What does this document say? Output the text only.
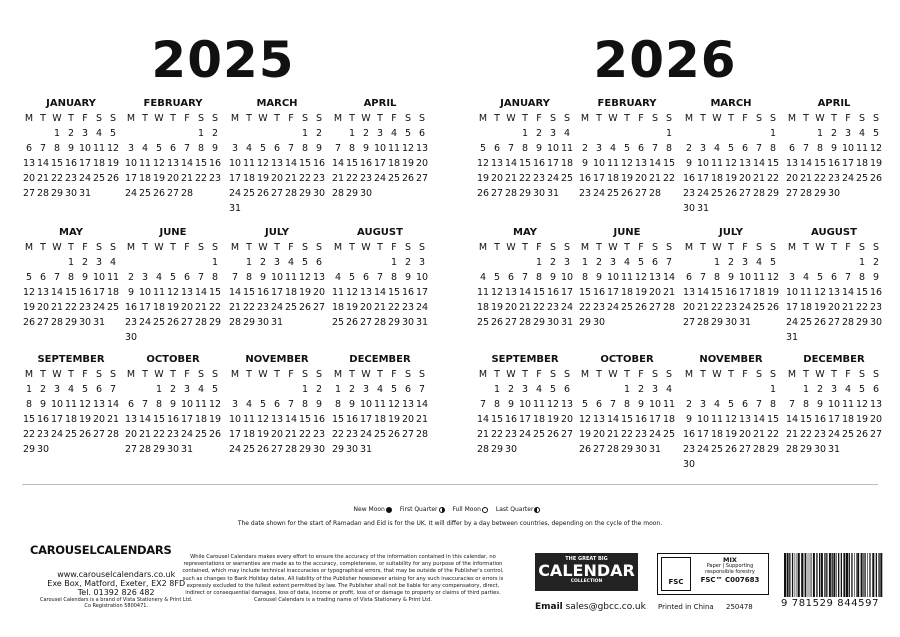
2025	2026
JANUARY
M T W T F S S
1 2 3 4 5
6 7 8 9 10 11 12
13 14 15 16 17 18 19
20 21 22 23 24 25 26
27 28 29 30 31
FEBRUARY
M T W T F S S
1 2
3 4 5 6 7 8 9
10 11 12 13 14 15 16
17 18 19 20 21 22 23
24 25 26 27 28
MARCH
M T W T F S S
1 2
3 4 5 6 7 8 9
10 11 12 13 14 15 16
17 18 19 20 21 22 23
24 25 26 27 28 29 30
31
APRIL
M T W T F S S
1 2 3 4 5 6
7 8 9 10 11 12 13
14 15 16 17 18 19 20
21 22 23 24 25 26 27
28 29 30
MAY
M T W T F S S
1 2 3 4
5 6 7 8 9 10 11
12 13 14 15 16 17 18
19 20 21 22 23 24 25
26 27 28 29 30 31
JUNE
M T W T F S S
1
2 3 4 5 6 7 8
9 10 11 12 13 14 15
16 17 18 19 20 21 22
23 24 25 26 27 28 29
30
JULY
M T W T F S S
1 2 3 4 5 6
7 8 9 10 11 12 13
14 15 16 17 18 19 20
21 22 23 24 25 26 27
28 29 30 31
AUGUST
M T W T F S S
1 2 3
4 5 6 7 8 9 10
11 12 13 14 15 16 17
18 19 20 21 22 23 24
25 26 27 28 29 30 31
SEPTEMBER
M T W T F S S
1 2 3 4 5 6 7
8 9 10 11 12 13 14
15 16 17 18 19 20 21
22 23 24 25 26 27 28
29 30
OCTOBER
M T W T F S S
1 2 3 4 5
6 7 8 9 10 11 12
13 14 15 16 17 18 19
20 21 22 23 24 25 26
27 28 29 30 31
NOVEMBER
M T W T F S S
1 2
3 4 5 6 7 8 9
10 11 12 13 14 15 16
17 18 19 20 21 22 23
24 25 26 27 28 29 30
DECEMBER
M T W T F S S
1 2 3 4 5 6 7
8 9 10 11 12 13 14
15 16 17 18 19 20 21
22 23 24 25 26 27 28
29 30 31
JANUARY
M T W T F S S
1 2 3 4
5 6 7 8 9 10 11
12 13 14 15 16 17 18
19 20 21 22 23 24 25
26 27 28 29 30 31
FEBRUARY
M T W T F S S
1
2 3 4 5 6 7 8
9 10 11 12 13 14 15
16 17 18 19 20 21 22
23 24 25 26 27 28
MARCH
M T W T F S S
1
2 3 4 5 6 7 8
9 10 11 12 13 14 15
16 17 18 19 20 21 22
23 24 25 26 27 28 29
30 31
APRIL
M T W T F S S
1 2 3 4 5
6 7 8 9 10 11 12
13 14 15 16 17 18 19
20 21 22 23 24 25 26
27 28 29 30
MAY
M T W T F S S
1 2 3
4 5 6 7 8 9 10
11 12 13 14 15 16 17
18 19 20 21 22 23 24
25 26 27 28 29 30 31
JUNE
M T W T F S S
1 2 3 4 5 6 7
8 9 10 11 12 13 14
15 16 17 18 19 20 21
22 23 24 25 26 27 28
29 30
JULY
M T W T F S S
1 2 3 4 5
6 7 8 9 10 11 12
13 14 15 16 17 18 19
20 21 22 23 24 25 26
27 28 29 30 31
AUGUST
M T W T F S S
1 2
3 4 5 6 7 8 9
10 11 12 13 14 15 16
17 18 19 20 21 22 23
24 25 26 27 28 29 30
31
SEPTEMBER
M T W T F S S
1 2 3 4 5 6
7 8 9 10 11 12 13
14 15 16 17 18 19 20
21 22 23 24 25 26 27
28 29 30
OCTOBER
M T W T F S S
1 2 3 4
5 6 7 8 9 10 11
12 13 14 15 16 17 18
19 20 21 22 23 24 25
26 27 28 29 30 31
NOVEMBER
M T W T F S S
1
2 3 4 5 6 7 8
9 10 11 12 13 14 15
16 17 18 19 20 21 22
23 24 25 26 27 28 29
30
DECEMBER
M T W T F S S
1 2 3 4 5 6
7 8 9 10 11 12 13
14 15 16 17 18 19 20
21 22 23 24 25 26 27
28 29 30 31
New Moon First Quarter Full Moon Last Quarter
The date shown for the start of Ramadan and Eid is for the UK. It will differ by a day between countries, depending on the cycle of the moon.
CAROUSELCALENDARS
www.carouselcalendars.co.uk
Exe Box, Matford, Exeter, EX2 8FD
Tel. 01392 826 482
Carousel Calendars is a brand of Vista Stationery & Print Ltd.
Co Registration 5800471.
While Carousel Calendars makes every effort to ensure the accuracy of the information contained in this calendar, no representations or warranties are made as to the accuracy, completeness, or suitability for any purpose of the information contained, which may include technical inaccuracies or typographical errors, that may be outside of the Publisher's control, such as changes to Bank Holiday dates. All liability of the Publisher howsoever arising for any such inaccuracies or errors is expressly excluded to the fullest extent permitted by law. The Publisher shall not be liable for any compensatory, direct, indirect or consequential damages, loss of data, income or profit, loss of or damage to property or claims of third parties. Carousel Calendars is a trading name of Vista Stationery & Print Ltd.
THE GREAT BIG
CALENDAR
COLLECTION
Email sales@gbcc.co.uk
FSC
MIX
Paper | Supporting responsible forestry
FSC™ C007683
Printed in China 250478	9 781529 844597
